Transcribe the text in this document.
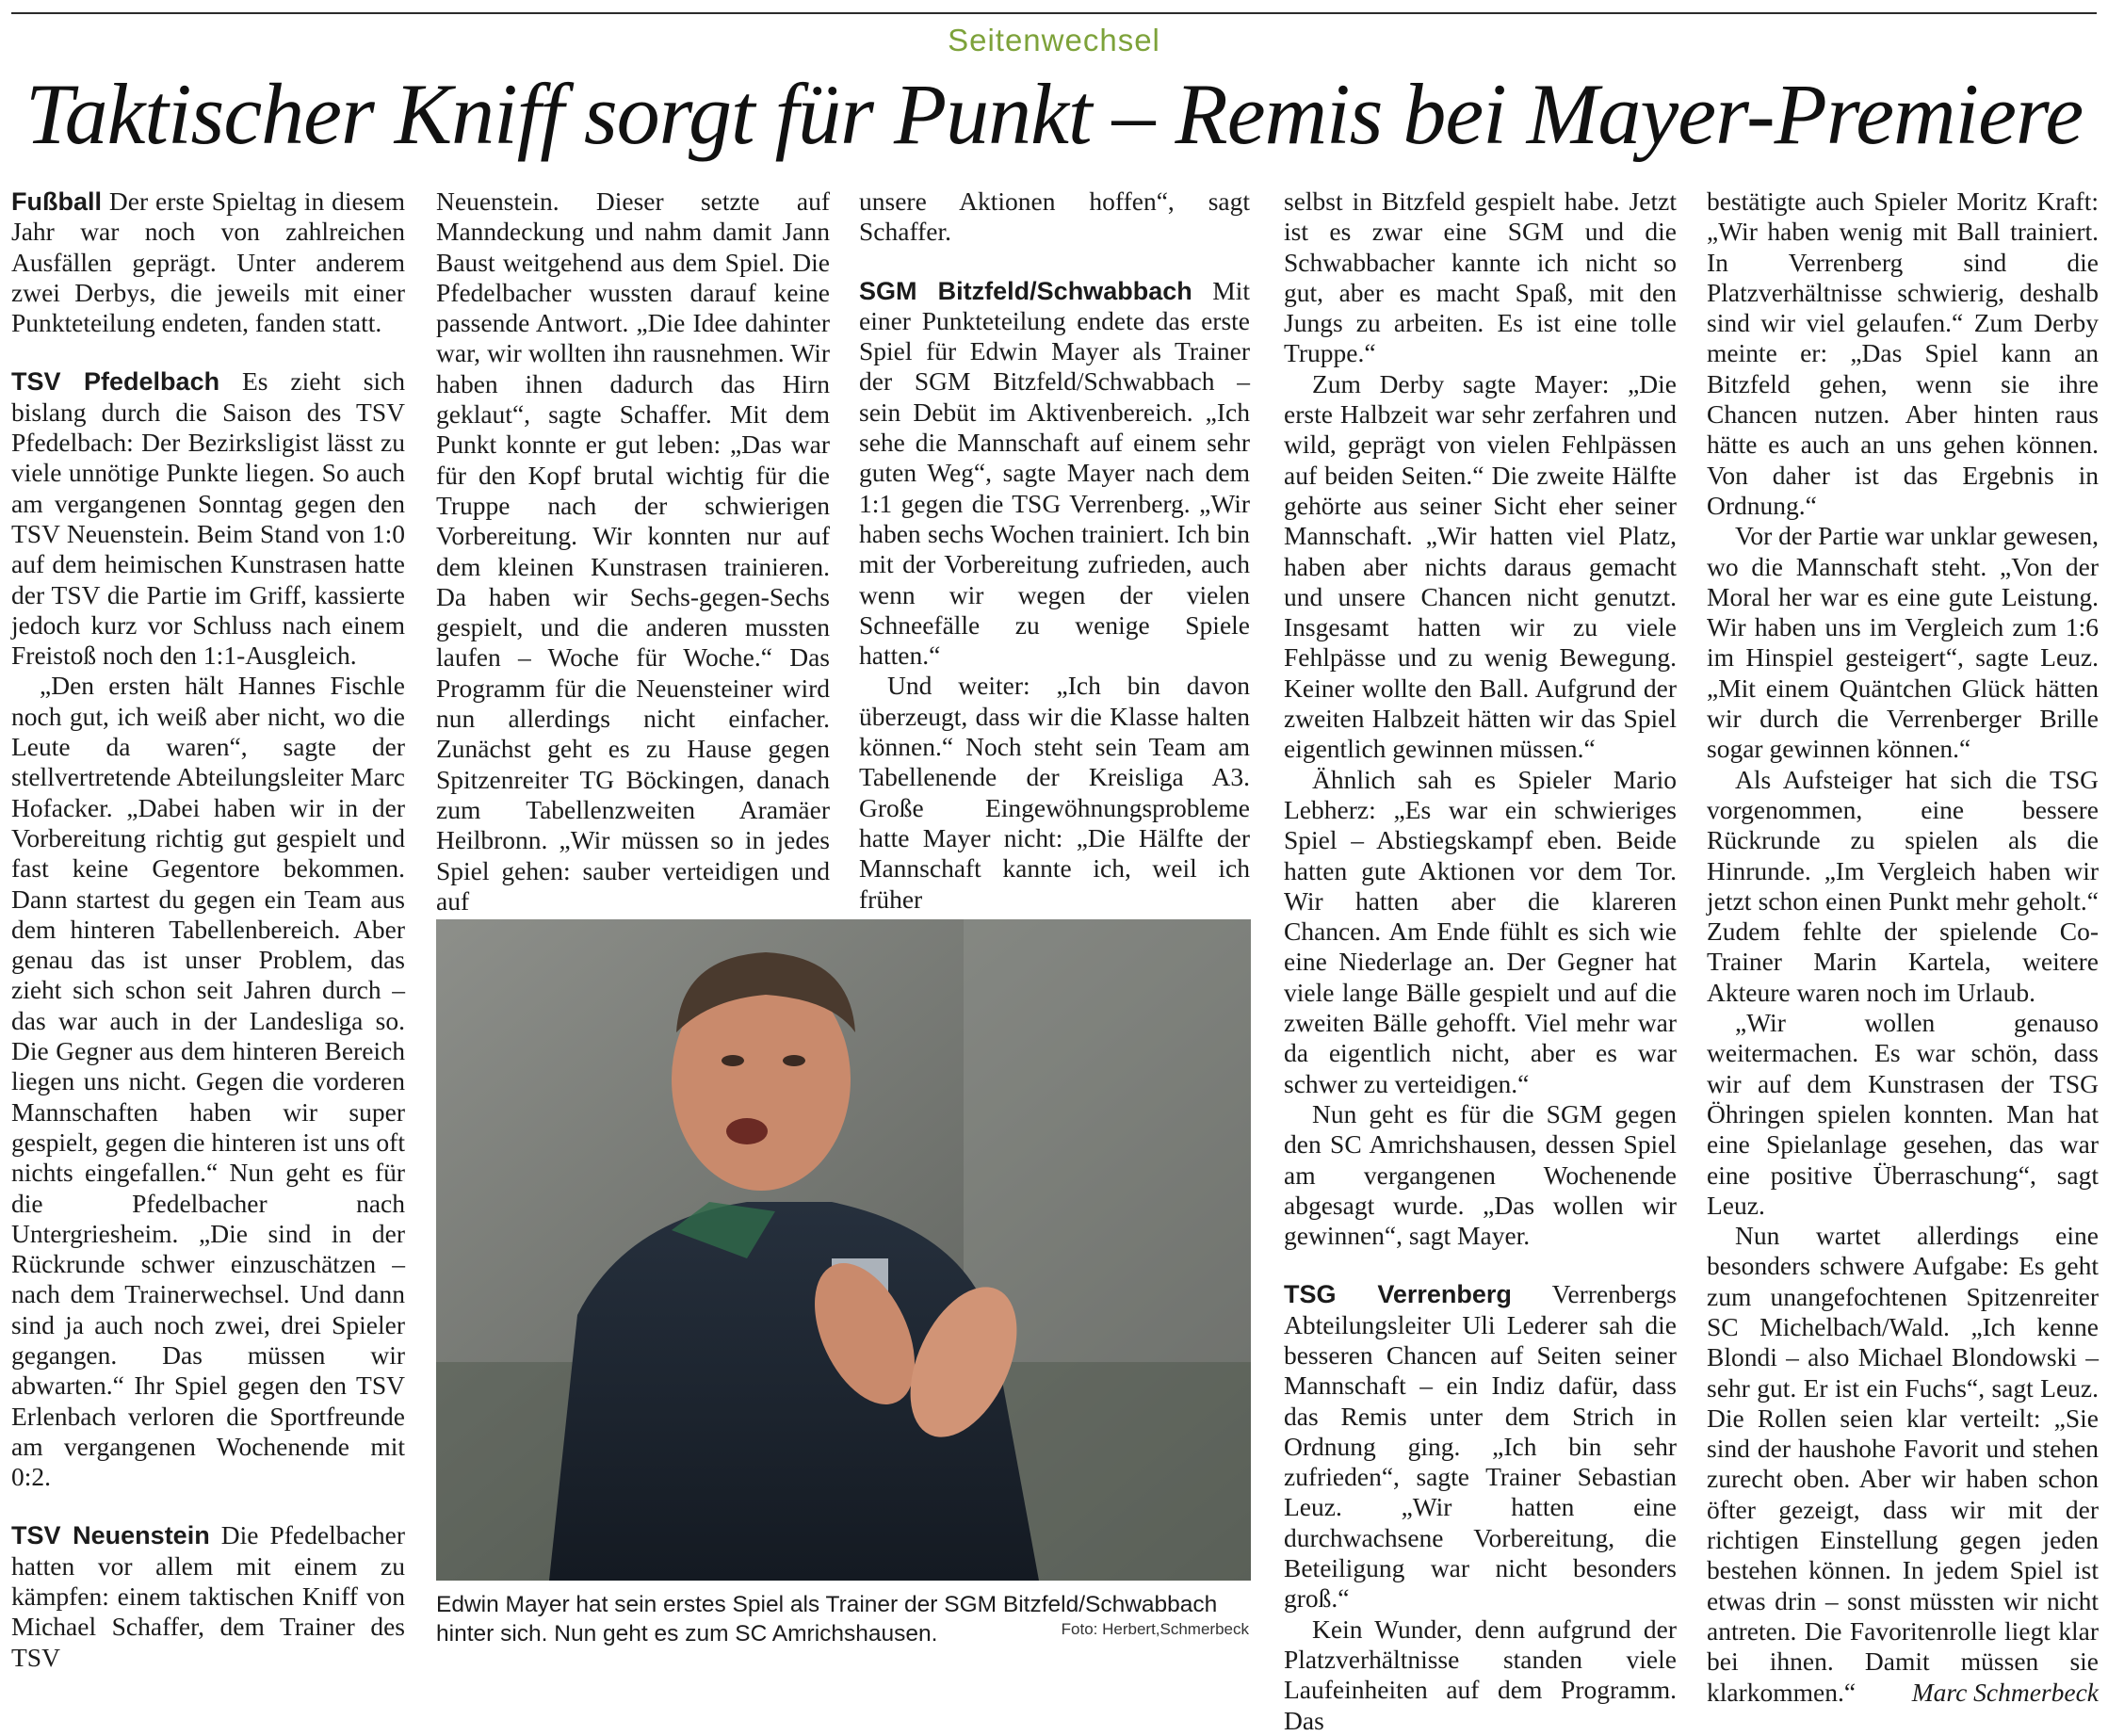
Seitenwechsel
Taktischer Kniff sorgt für Punkt – Remis bei Mayer-Premiere

Fußball Der erste Spieltag in diesem Jahr war noch von zahlreichen Ausfällen geprägt. Unter anderem zwei Derbys, die jeweils mit einer Punkteteilung endeten, fanden statt.

TSV Pfedelbach Es zieht sich bislang durch die Saison des TSV Pfedelbach: Der Bezirksligist lässt zu viele unnötige Punkte liegen. So auch am vergangenen Sonntag gegen den TSV Neuenstein. Beim Stand von 1:0 auf dem heimischen Kunstrasen hatte der TSV die Partie im Griff, kassierte jedoch kurz vor Schluss nach einem Freistoß noch den 1:1-Ausgleich.

„Den ersten hält Hannes Fischle noch gut, ich weiß aber nicht, wo die Leute da waren“, sagte der stellvertretende Abteilungsleiter Marc Hofacker. „Dabei haben wir in der Vorbereitung richtig gut gespielt und fast keine Gegentore bekommen. Dann startest du gegen ein Team aus dem hinteren Tabellenbereich. Aber genau das ist unser Problem, das zieht sich schon seit Jahren durch – das war auch in der Landesliga so. Die Gegner aus dem hinteren Bereich liegen uns nicht. Gegen die vorderen Mannschaften haben wir super gespielt, gegen die hinteren ist uns oft nichts eingefallen.“ Nun geht es für die Pfedelbacher nach Untergriesheim. „Die sind in der Rückrunde schwer einzuschätzen – nach dem Trainerwechsel. Und dann sind ja auch noch zwei, drei Spieler gegangen. Das müssen wir abwarten.“ Ihr Spiel gegen den TSV Erlenbach verloren die Sportfreunde am vergangenen Wochenende mit 0:2.

TSV Neuenstein Die Pfedelbacher hatten vor allem mit einem zu kämpfen: einem taktischen Kniff von Michael Schaffer, dem Trainer des TSV

Neuenstein. Dieser setzte auf Manndeckung und nahm damit Jann Baust weitgehend aus dem Spiel. Die Pfedelbacher wussten darauf keine passende Antwort. „Die Idee dahinter war, wir wollten ihn rausnehmen. Wir haben ihnen dadurch das Hirn geklaut“, sagte Schaffer. Mit dem Punkt konnte er gut leben: „Das war für den Kopf brutal wichtig für die Truppe nach der schwierigen Vorbereitung. Wir konnten nur auf dem kleinen Kunstrasen trainieren. Da haben wir Sechs-gegen-Sechs gespielt, und die anderen mussten laufen – Woche für Woche.“ Das Programm für die Neuensteiner wird nun allerdings nicht einfacher. Zunächst geht es zu Hause gegen Spitzenreiter TG Böckingen, danach zum Tabellenzweiten Aramäer Heilbronn. „Wir müssen so in jedes Spiel gehen: sauber verteidigen und auf

unsere Aktionen hoffen“, sagt Schaffer.

SGM Bitzfeld/Schwabbach Mit einer Punkteteilung endete das erste Spiel für Edwin Mayer als Trainer der SGM Bitzfeld/Schwabbach – sein Debüt im Aktivenbereich. „Ich sehe die Mannschaft auf einem sehr guten Weg“, sagte Mayer nach dem 1:1 gegen die TSG Verrenberg. „Wir haben sechs Wochen trainiert. Ich bin mit der Vorbereitung zufrieden, auch wenn wir wegen der vielen Schneefälle zu wenige Spiele hatten.“

Und weiter: „Ich bin davon überzeugt, dass wir die Klasse halten können.“ Noch steht sein Team am Tabellenende der Kreisliga A3. Große Eingewöhnungsprobleme hatte Mayer nicht: „Die Hälfte der Mannschaft kannte ich, weil ich früher

Edwin Mayer hat sein erstes Spiel als Trainer der SGM Bitzfeld/Schwabbach hinter sich. Nun geht es zum SC Amrichshausen.	Foto: Herbert,Schmerbeck

selbst in Bitzfeld gespielt habe. Jetzt ist es zwar eine SGM und die Schwabbacher kannte ich nicht so gut, aber es macht Spaß, mit den Jungs zu arbeiten. Es ist eine tolle Truppe.“

Zum Derby sagte Mayer: „Die erste Halbzeit war sehr zerfahren und wild, geprägt von vielen Fehlpässen auf beiden Seiten.“ Die zweite Hälfte gehörte aus seiner Sicht eher seiner Mannschaft. „Wir hatten viel Platz, haben aber nichts daraus gemacht und unsere Chancen nicht genutzt. Insgesamt hatten wir zu viele Fehlpässe und zu wenig Bewegung. Keiner wollte den Ball. Aufgrund der zweiten Halbzeit hätten wir das Spiel eigentlich gewinnen müssen.“

Ähnlich sah es Spieler Mario Lebherz: „Es war ein schwieriges Spiel – Abstiegskampf eben. Beide hatten gute Aktionen vor dem Tor. Wir hatten aber die klareren Chancen. Am Ende fühlt es sich wie eine Niederlage an. Der Gegner hat viele lange Bälle gespielt und auf die zweiten Bälle gehofft. Viel mehr war da eigentlich nicht, aber es war schwer zu verteidigen.“

Nun geht es für die SGM gegen den SC Amrichshausen, dessen Spiel am vergangenen Wochenende abgesagt wurde. „Das wollen wir gewinnen“, sagt Mayer.

TSG Verrenberg Verrenbergs Abteilungsleiter Uli Lederer sah die besseren Chancen auf Seiten seiner Mannschaft – ein Indiz dafür, dass das Remis unter dem Strich in Ordnung ging. „Ich bin sehr zufrieden“, sagte Trainer Sebastian Leuz. „Wir hatten eine durchwachsene Vorbereitung, die Beteiligung war nicht besonders groß.“

Kein Wunder, denn aufgrund der Platzverhältnisse standen viele Laufeinheiten auf dem Programm. Das

bestätigte auch Spieler Moritz Kraft: „Wir haben wenig mit Ball trainiert. In Verrenberg sind die Platzverhältnisse schwierig, deshalb sind wir viel gelaufen.“ Zum Derby meinte er: „Das Spiel kann an Bitzfeld gehen, wenn sie ihre Chancen nutzen. Aber hinten raus hätte es auch an uns gehen können. Von daher ist das Ergebnis in Ordnung.“

Vor der Partie war unklar gewesen, wo die Mannschaft steht. „Von der Moral her war es eine gute Leistung. Wir haben uns im Vergleich zum 1:6 im Hinspiel gesteigert“, sagte Leuz. „Mit einem Quäntchen Glück hätten wir durch die Verrenberger Brille sogar gewinnen können.“

Als Aufsteiger hat sich die TSG vorgenommen, eine bessere Rückrunde zu spielen als die Hinrunde. „Im Vergleich haben wir jetzt schon einen Punkt mehr geholt.“ Zudem fehlte der spielende Co-Trainer Marin Kartela, weitere Akteure waren noch im Urlaub.

„Wir wollen genauso weitermachen. Es war schön, dass wir auf dem Kunstrasen der TSG Öhringen spielen konnten. Man hat eine Spielanlage gesehen, das war eine positive Überraschung“, sagt Leuz.

Nun wartet allerdings eine besonders schwere Aufgabe: Es geht zum unangefochtenen Spitzenreiter SC Michelbach/Wald. „Ich kenne Blondi – also Michael Blondowski – sehr gut. Er ist ein Fuchs“, sagt Leuz. Die Rollen seien klar verteilt: „Sie sind der haushohe Favorit und stehen zurecht oben. Aber wir haben schon öfter gezeigt, dass wir mit der richtigen Einstellung gegen jeden bestehen können. In jedem Spiel ist etwas drin – sonst müssten wir nicht antreten. Die Favoritenrolle liegt klar bei ihnen. Damit müssen sie klarkommen.“	Marc Schmerbeck
